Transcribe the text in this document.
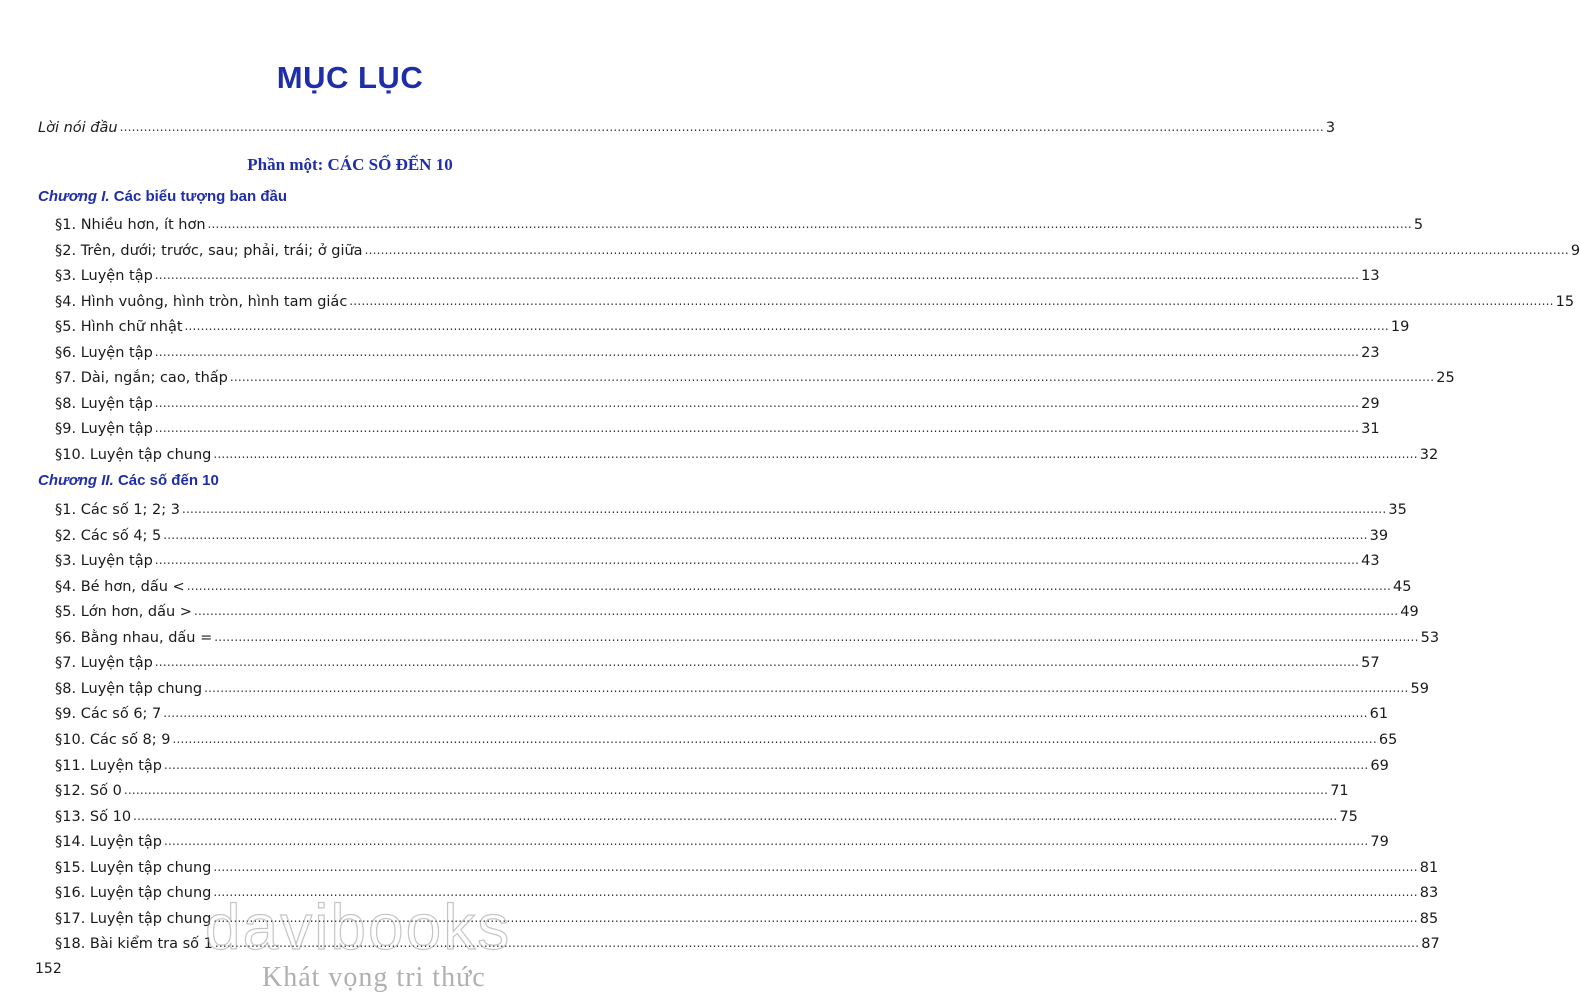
MỤC LỤC
Lời nói đầu ............................................................................................................................................................................................................................................................................................................ 3
Phần một: CÁC SỐ ĐẾN 10
Chương I. Các biểu tượng ban đầu
§1. Nhiều hơn, ít hơn ............................................................................................................................................................................................................................................................................................................ 5
§2. Trên, dưới; trước, sau; phải, trái; ở giữa ............................................................................................................................................................................................................................................................................................................ 9
§3. Luyện tập ............................................................................................................................................................................................................................................................................................................ 13
§4. Hình vuông, hình tròn, hình tam giác ............................................................................................................................................................................................................................................................................................................ 15
§5. Hình chữ nhật ............................................................................................................................................................................................................................................................................................................ 19
§6. Luyện tập ............................................................................................................................................................................................................................................................................................................ 23
§7. Dài, ngắn; cao, thấp ............................................................................................................................................................................................................................................................................................................ 25
§8. Luyện tập ............................................................................................................................................................................................................................................................................................................ 29
§9. Luyện tập ............................................................................................................................................................................................................................................................................................................ 31
§10. Luyện tập chung ............................................................................................................................................................................................................................................................................................................ 32
Chương II. Các số đến 10
§1. Các số 1; 2; 3 ............................................................................................................................................................................................................................................................................................................ 35
§2. Các số 4; 5 ............................................................................................................................................................................................................................................................................................................ 39
§3. Luyện tập ............................................................................................................................................................................................................................................................................................................ 43
§4. Bé hơn, dấu < ............................................................................................................................................................................................................................................................................................................ 45
§5. Lớn hơn, dấu > ............................................................................................................................................................................................................................................................................................................ 49
§6. Bằng nhau, dấu = ............................................................................................................................................................................................................................................................................................................ 53
§7. Luyện tập ............................................................................................................................................................................................................................................................................................................ 57
§8. Luyện tập chung ............................................................................................................................................................................................................................................................................................................ 59
§9. Các số 6; 7 ............................................................................................................................................................................................................................................................................................................ 61
§10. Các số 8; 9 ............................................................................................................................................................................................................................................................................................................ 65
§11. Luyện tập ............................................................................................................................................................................................................................................................................................................ 69
§12. Số 0 ............................................................................................................................................................................................................................................................................................................ 71
§13. Số 10 ............................................................................................................................................................................................................................................................................................................ 75
§14. Luyện tập ............................................................................................................................................................................................................................................................................................................ 79
§15. Luyện tập chung ............................................................................................................................................................................................................................................................................................................ 81
§16. Luyện tập chung ............................................................................................................................................................................................................................................................................................................ 83
§17. Luyện tập chung ............................................................................................................................................................................................................................................................................................................ 85
§18. Bài kiểm tra số 1 ............................................................................................................................................................................................................................................................................................................ 87
152
davibooks
Khát vọng tri thức
